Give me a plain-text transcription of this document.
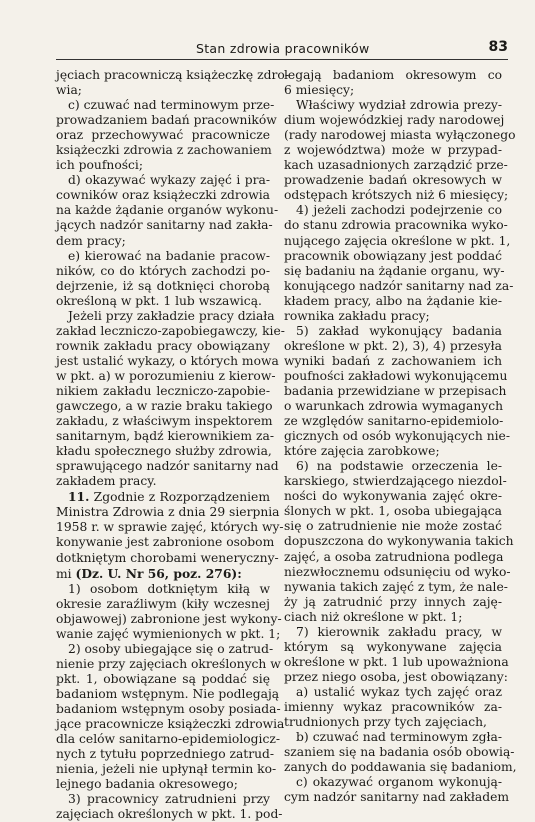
Stan zdrowia pracowników	83
jęciach pracowniczą książeczkę zdro-
wia;
c) czuwać nad terminowym prze-
prowadzaniem badań pracowników
oraz przechowywać pracownicze
książeczki zdrowia z zachowaniem
ich poufności;
d) okazywać wykazy zajęć i pra-
cowników oraz książeczki zdrowia
na każde żądanie organów wykonu-
jących nadzór sanitarny nad zakła-
dem pracy;
e) kierować na badanie pracow-
ników, co do których zachodzi po-
dejrzenie, iż są dotknięci chorobą
określoną w pkt. 1 lub wszawicą.
Jeżeli przy zakładzie pracy działa
zakład leczniczo-zapobiegawczy, kie-
rownik zakładu pracy obowiązany
jest ustalić wykazy, o których mowa
w pkt. a) w porozumieniu z kierow-
nikiem zakładu leczniczo-zapobie-
gawczego, a w razie braku takiego
zakładu, z właściwym inspektorem
sanitarnym, bądź kierownikiem za-
kładu społecznego służby zdrowia,
sprawującego nadzór sanitarny nad
zakładem pracy.
11. Zgodnie z Rozporządzeniem
Ministra Zdrowia z dnia 29 sierpnia
1958 r. w sprawie zajęć, których wy-
konywanie jest zabronione osobom
dotkniętym chorobami weneryczny-
mi (Dz. U. Nr 56, poz. 276):
1) osobom dotkniętym kiłą w
okresie zaraźliwym (kiły wczesnej
objawowej) zabronione jest wykony-
wanie zajęć wymienionych w pkt. 1;
2) osoby ubiegające się o zatrud-
nienie przy zajęciach określonych w
pkt. 1, obowiązane są poddać się
badaniom wstępnym. Nie podlegają
badaniom wstępnym osoby posiada-
jące pracownicze książeczki zdrowia
dla celów sanitarno-epidemiologicz-
nych z tytułu poprzedniego zatrud-
nienia, jeżeli nie upłynął termin ko-
lejnego badania okresowego;
3) pracownicy zatrudnieni przy
zajęciach określonych w pkt. 1. pod-
legają badaniom okresowym co
6 miesięcy;
Właściwy wydział zdrowia prezy-
dium wojewódzkiej rady narodowej
(rady narodowej miasta wyłączonego
z województwa) może w przypad-
kach uzasadnionych zarządzić prze-
prowadzenie badań okresowych w
odstępach krótszych niż 6 miesięcy;
4) jeżeli zachodzi podejrzenie co
do stanu zdrowia pracownika wyko-
nującego zajęcia określone w pkt. 1,
pracownik obowiązany jest poddać
się badaniu na żądanie organu, wy-
konującego nadzór sanitarny nad za-
kładem pracy, albo na żądanie kie-
rownika zakładu pracy;
5) zakład wykonujący badania
określone w pkt. 2), 3), 4) przesyła
wyniki badań z zachowaniem ich
poufności zakładowi wykonującemu
badania przewidziane w przepisach
o warunkach zdrowia wymaganych
ze względów sanitarno-epidemiolo-
gicznych od osób wykonujących nie-
które zajęcia zarobkowe;
6) na podstawie orzeczenia le-
karskiego, stwierdzającego niezdol-
ności do wykonywania zajęć okre-
ślonych w pkt. 1, osoba ubiegająca
się o zatrudnienie nie może zostać
dopuszczona do wykonywania takich
zajęć, a osoba zatrudniona podlega
niezwłocznemu odsunięciu od wyko-
nywania takich zajęć z tym, że nale-
ży ją zatrudnić przy innych zaję-
ciach niż określone w pkt. 1;
7) kierownik zakładu pracy, w
którym są wykonywane zajęcia
określone w pkt. 1 lub upoważniona
przez niego osoba, jest obowiązany:
a) ustalić wykaz tych zajęć oraz
imienny wykaz pracowników za-
trudnionych przy tych zajęciach,
b) czuwać nad terminowym zgła-
szaniem się na badania osób obowią-
zanych do poddawania się badaniom,
c) okazywać organom wykonują-
cym nadzór sanitarny nad zakładem
